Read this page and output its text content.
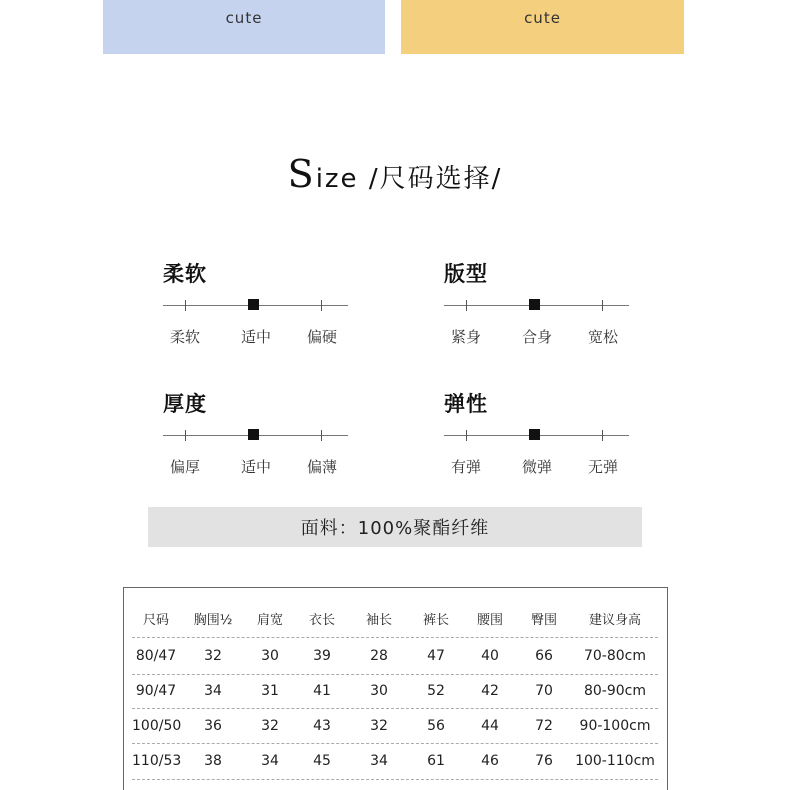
cute	cute
Size /尺码选择/
柔软
柔软	适中	偏硬
版型
紧身	合身	宽松
厚度
偏厚	适中	偏薄
弹性
有弹	微弹	无弹
面料：100%聚酯纤维
尺码	胸围½	肩宽	衣长	袖长	裤长	腰围	臀围	建议身高
80/47	32	30	39	28	47	40	66	70-80cm
90/47	34	31	41	30	52	42	70	80-90cm
100/50	36	32	43	32	56	44	72	90-100cm
110/53	38	34	45	34	61	46	76	100-110cm
